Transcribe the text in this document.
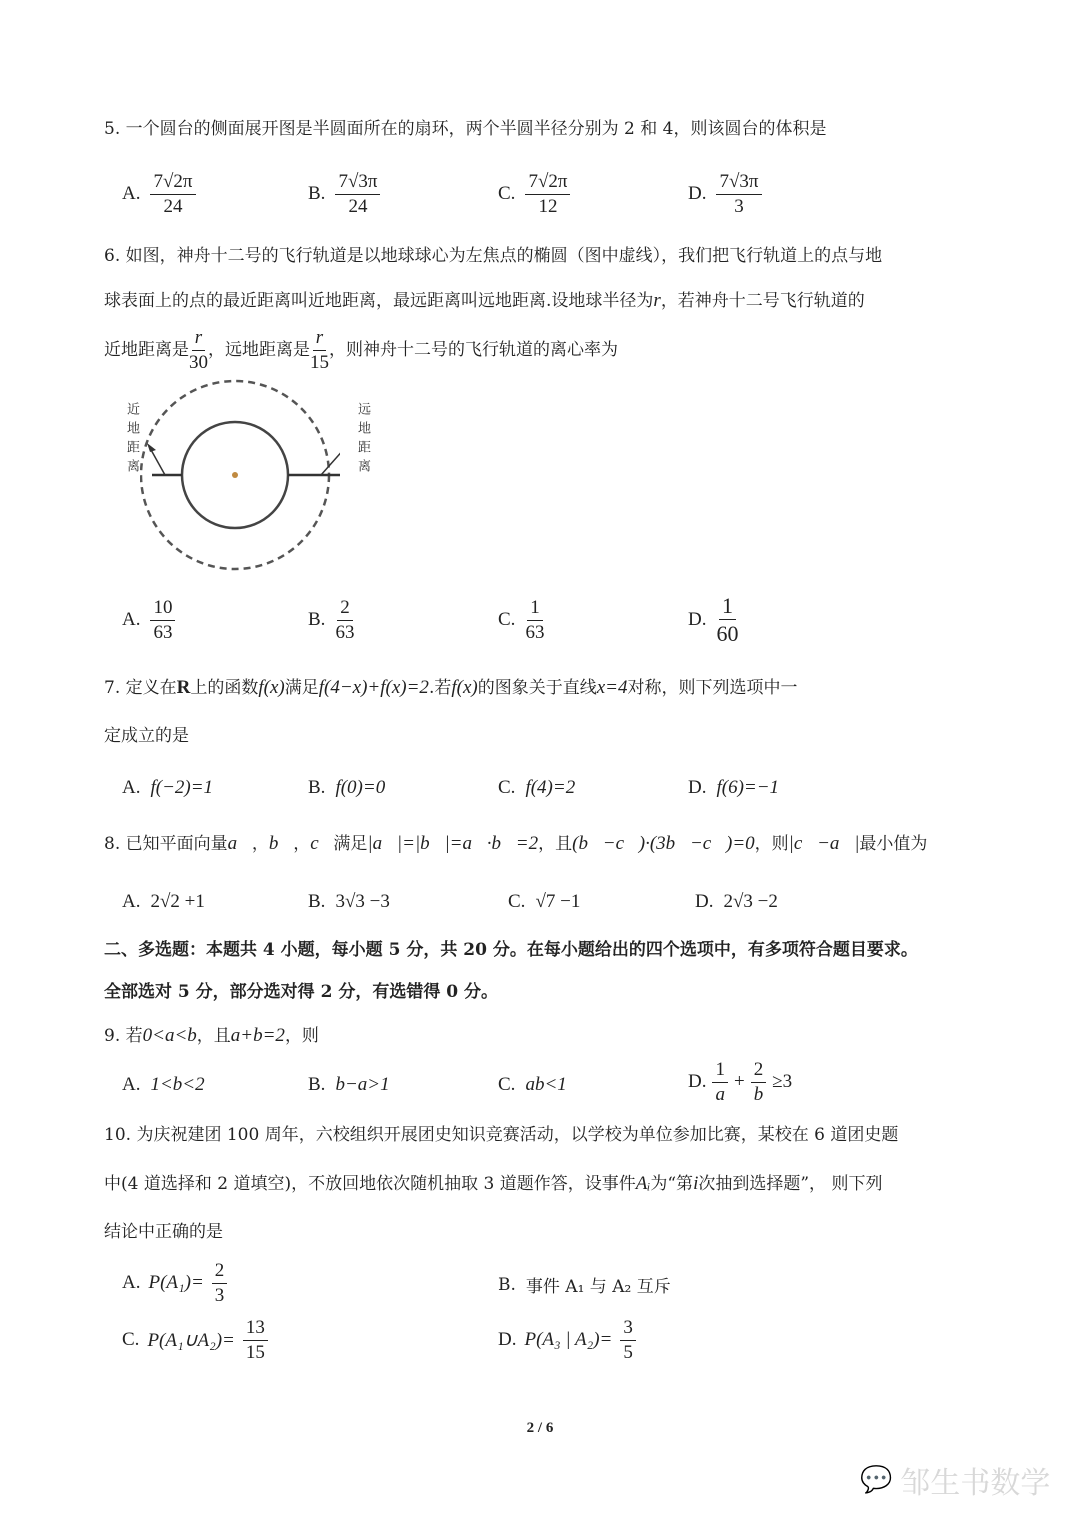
5. 一个圆台的侧面展开图是半圆面所在的扇环，两个半圆半径分别为 2 和 4，则该圆台的体积是
A. $\frac{7√2\pi}{24}$	B. $\frac{7√3\pi}{24}$	C. $\frac{7√2\pi}{12}$	D. $\frac{7√3\pi}{3}$
6. 如图，神舟十二号的飞行轨道是以地球球心为左焦点的椭圆（图中虚线），我们把飞行轨道上的点与地
球表面上的点的最近距离叫近地距离，最远距离叫远地距离.设地球半径为r，若神舟十二号飞行轨道的
近地距离是 $\frac{r}{30}$ ，远地距离是 $\frac{r}{15}$ ，则神舟十二号的飞行轨道的离心率为
近地距离	远地距离
A. $\frac{10}{63}$	B. $\frac{2}{63}$	C. $\frac{1}{63}$	D. $\frac{1}{60}$
7. 定义在R上的函数f(x)满足f(4−x)+f(x)=2.若f(x)的图象关于直线x=4对称，则下列选项中一
定成立的是
A. f(−2)=1	B. f(0)=0	C. f(4)=2	D. f(6)=−1
8. 已知平面向量a⃗，b⃗，c⃗满足|a⃗|=|b⃗|=a⃗·b⃗=2，且(b⃗−c⃗)·(3b⃗−c⃗)=0，则|c⃗−a⃗|最小值为
A. 2√2 +1	B. 3√3 −3	C. √7 −1	D. 2√3 −2
二、多选题：本题共 4 小题，每小题 5 分，共 20 分。在每小题给出的四个选项中，有多项符合题目要求。
全部选对 5 分，部分选对得 2 分，有选错得 0 分。
9. 若0<a<b，且a+b=2，则
A. 1<b<2	B. b−a>1	C. ab<1	D. $\frac{1}{a} + \frac{2}{b} \ge 3$
10. 为庆祝建团 100 周年，六校组织开展团史知识竞赛活动，以学校为单位参加比赛，某校在 6 道团史题
中(4 道选择和 2 道填空)，不放回地依次随机抽取 3 道题作答，设事件Aᵢ为“第i次抽到选择题”， 则下列
结论中正确的是
A. $P(A_1)= \frac{2}{3}$	B. 事件 A₁ 与 A₂ 互斥
C. P(A₁∪A₂)= $\frac{13}{15}$	D. P(A₃ | $A_2)= \frac{3}{5}$
2 / 6
💬 邹生书数学
